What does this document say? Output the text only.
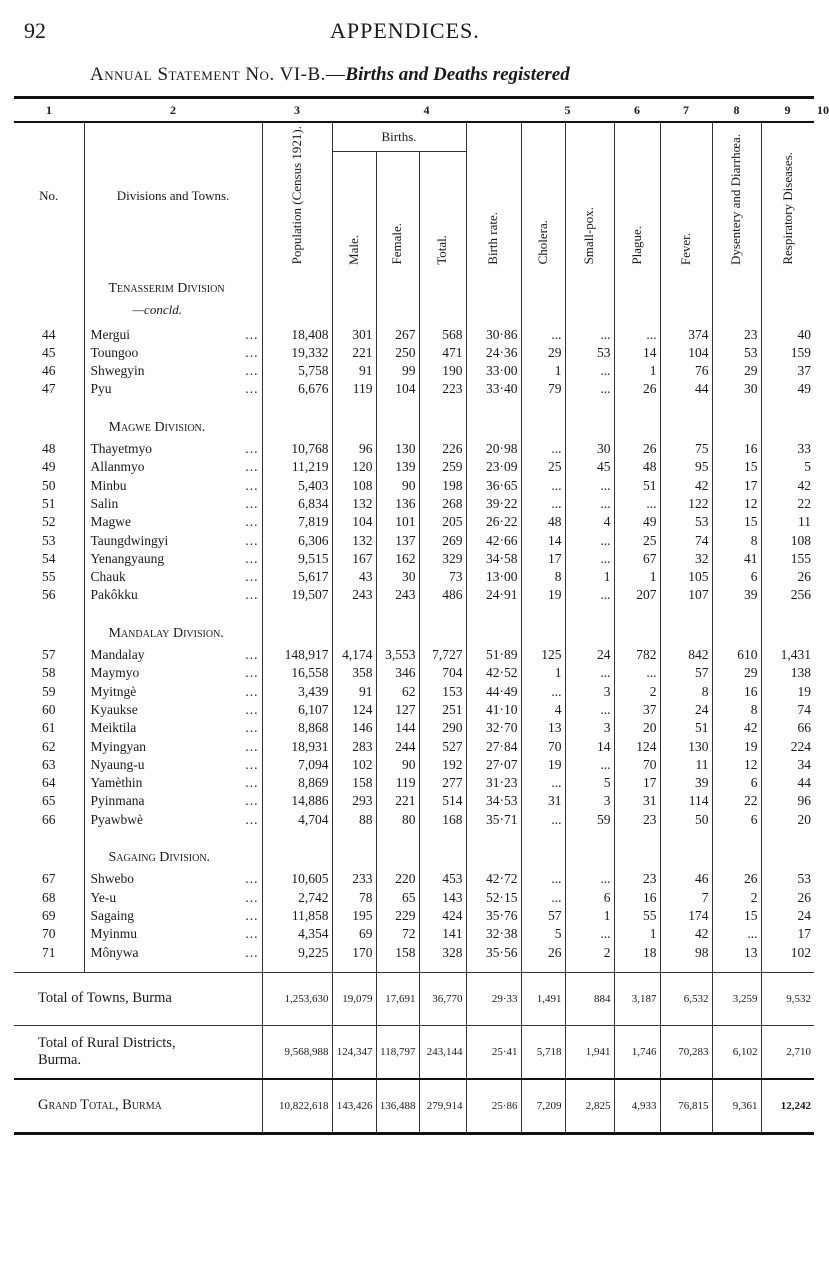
92	APPENDICES.
Annual Statement No. VI-B.—Births and Deaths registered
1	2	3	4				5		6	7	8	9	10
No.	Divisions and Towns.	Population (Census 1921).	Births.			Birth rate.	Cholera.	Small-pox.	Plague.	Fever.	Dysentery and Diarrhœa.	Respiratory Diseases.	
			Male.	Female.	Total.								
	Tenasserim Division												
	—concld.												
44	Mergui ...	18,408	301	267	568	30·86	...	...	...	374	23	40	
45	Toungoo ...	19,332	221	250	471	24·36	29	53	14	104	53	159	
46	Shwegyin ...	5,758	91	99	190	33·00	1	...	1	76	29	37	
47	Pyu ...	6,676	119	104	223	33·40	79	...	26	44	30	49	

	Magwe Division.												
48	Thayetmyo ...	10,768	96	130	226	20·98	...	30	26	75	16	33	
49	Allanmyo ...	11,219	120	139	259	23·09	25	45	48	95	15	5	
50	Minbu ...	5,403	108	90	198	36·65	...	...	51	42	17	42	
51	Salin ...	6,834	132	136	268	39·22	...	...	...	122	12	22	
52	Magwe ...	7,819	104	101	205	26·22	48	4	49	53	15	11	
53	Taungdwingyi ...	6,306	132	137	269	42·66	14	...	25	74	8	108	
54	Yenangyaung ...	9,515	167	162	329	34·58	17	...	67	32	41	155	
55	Chauk ...	5,617	43	30	73	13·00	8	1	1	105	6	26	
56	Pakôkku ...	19,507	243	243	486	24·91	19	...	207	107	39	256	

	Mandalay Division.												
57	Mandalay ...	148,917	4,174	3,553	7,727	51·89	125	24	782	842	610	1,431	
58	Maymyo ...	16,558	358	346	704	42·52	1	...	...	57	29	138	
59	Myitngè ...	3,439	91	62	153	44·49	...	3	2	8	16	19	
60	Kyaukse ...	6,107	124	127	251	41·10	4	...	37	24	8	74	
61	Meiktila ...	8,868	146	144	290	32·70	13	3	20	51	42	66	
62	Myingyan ...	18,931	283	244	527	27·84	70	14	124	130	19	224	
63	Nyaung-u ...	7,094	102	90	192	27·07	19	...	70	11	12	34	
64	Yamèthin ...	8,869	158	119	277	31·23	...	5	17	39	6	44	
65	Pyinmana ...	14,886	293	221	514	34·53	31	3	31	114	22	96	
66	Pyawbwè ...	4,704	88	80	168	35·71	...	59	23	50	6	20	

	Sagaing Division.												
67	Shwebo ...	10,605	233	220	453	42·72	...	...	23	46	26	53	
68	Ye-u ...	2,742	78	65	143	52·15	...	6	16	7	2	26	
69	Sagaing ...	11,858	195	229	424	35·76	57	1	55	174	15	24	
70	Myinmu ...	4,354	69	72	141	32·38	5	...	1	42	...	17	
71	Mônywa ...	9,225	170	158	328	35·56	26	2	18	98	13	102	

Total of Towns, Burma		1,253,630	19,079	17,691	36,770	29·33	1,491	884	3,187	6,532	3,259	9,532	
Total of Rural Districts,
Burma.		9,568,988	124,347	118,797	243,144	25·41	5,718	1,941	1,746	70,283	6,102	2,710	
Grand Total, Burma		10,822,618	143,426	136,488	279,914	25·86	7,209	2,825	4,933	76,815	9,361	12,242	
